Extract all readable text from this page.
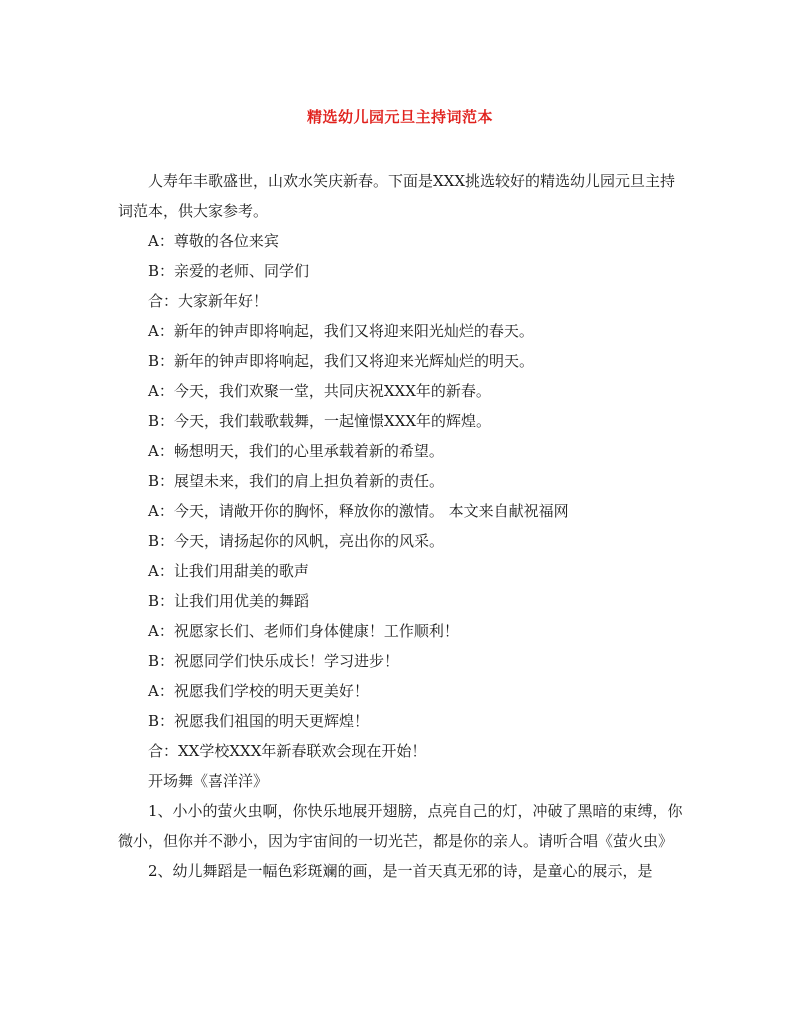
精选幼儿园元旦主持词范本

人寿年丰歌盛世，山欢水笑庆新春。下面是XXX挑选较好的精选幼儿园元旦主持词范本，供大家参考。

A：尊敬的各位来宾

B：亲爱的老师、同学们

合：大家新年好！

A：新年的钟声即将响起，我们又将迎来阳光灿烂的春天。

B：新年的钟声即将响起，我们又将迎来光辉灿烂的明天。

A：今天，我们欢聚一堂，共同庆祝XXX年的新春。

B：今天，我们载歌载舞，一起憧憬XXX年的辉煌。

A：畅想明天，我们的心里承载着新的希望。

B：展望未来，我们的肩上担负着新的责任。

A：今天，请敞开你的胸怀，释放你的激情。 本文来自献祝福网

B：今天，请扬起你的风帆，亮出你的风采。

A：让我们用甜美的歌声

B：让我们用优美的舞蹈

A：祝愿家长们、老师们身体健康！工作顺利！

B：祝愿同学们快乐成长！学习进步！

A：祝愿我们学校的明天更美好！

B：祝愿我们祖国的明天更辉煌！

合：XX学校XXX年新春联欢会现在开始！

开场舞《喜洋洋》

1、小小的萤火虫啊，你快乐地展开翅膀，点亮自己的灯，冲破了黑暗的束缚，你微小，但你并不渺小，因为宇宙间的一切光芒，都是你的亲人。请听合唱《萤火虫》

2、幼儿舞蹈是一幅色彩斑斓的画，是一首天真无邪的诗，是童心的展示，是
